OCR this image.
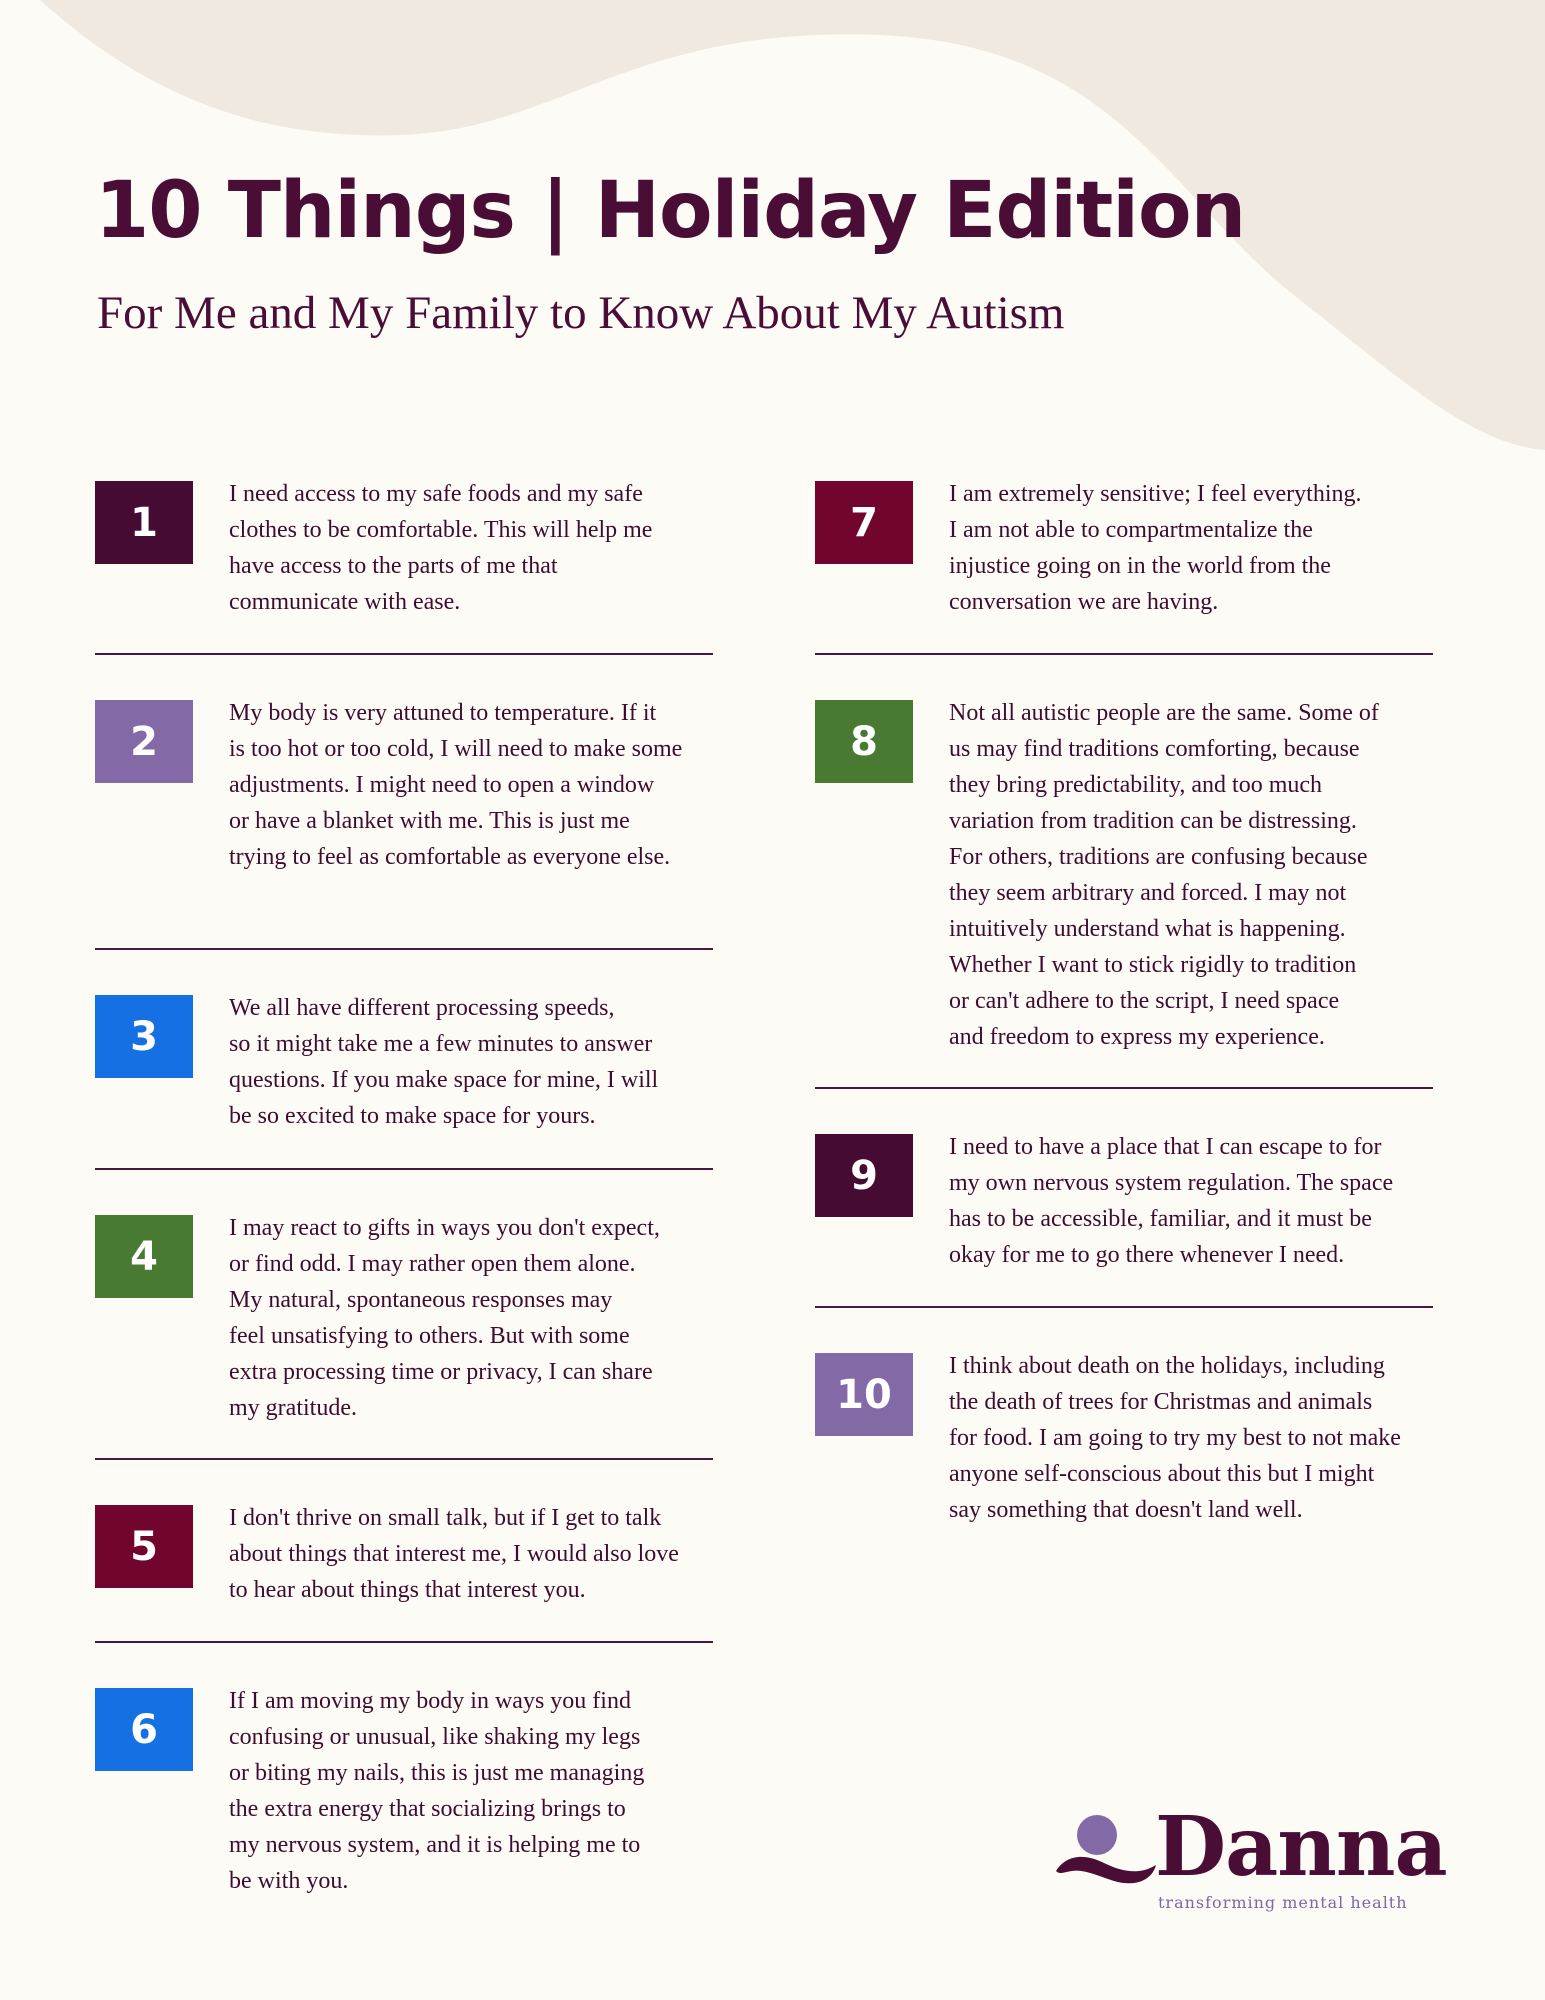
10 Things | Holiday Edition
For Me and My Family to Know About My Autism
1

I need access to my safe foods and my safe
clothes to be comfortable. This will help me
have access to the parts of me that
communicate with ease.

2

My body is very attuned to temperature. If it
is too hot or too cold, I will need to make some
adjustments. I might need to open a window
or have a blanket with me. This is just me
trying to feel as comfortable as everyone else.

3

We all have different processing speeds,
so it might take me a few minutes to answer
questions. If you make space for mine, I will
be so excited to make space for yours.

4

I may react to gifts in ways you don't expect,
or find odd. I may rather open them alone.
My natural, spontaneous responses may
feel unsatisfying to others. But with some
extra processing time or privacy, I can share
my gratitude.

5

I don't thrive on small talk, but if I get to talk
about things that interest me, I would also love
to hear about things that interest you.

6

If I am moving my body in ways you find
confusing or unusual, like shaking my legs
or biting my nails, this is just me managing
the extra energy that socializing brings to
my nervous system, and it is helping me to
be with you.

7

I am extremely sensitive; I feel everything.
I am not able to compartmentalize the
injustice going on in the world from the
conversation we are having.

8

Not all autistic people are the same. Some of
us may find traditions comforting, because
they bring predictability, and too much
variation from tradition can be distressing.
For others, traditions are confusing because
they seem arbitrary and forced. I may not
intuitively understand what is happening.
Whether I want to stick rigidly to tradition
or can't adhere to the script, I need space
and freedom to express my experience.

9

I need to have a place that I can escape to for
my own nervous system regulation. The space
has to be accessible, familiar, and it must be
okay for me to go there whenever I need.

10

I think about death on the holidays, including
the death of trees for Christmas and animals
for food. I am going to try my best to not make
anyone self-conscious about this but I might
say something that doesn't land well.

Danna
transforming mental health
